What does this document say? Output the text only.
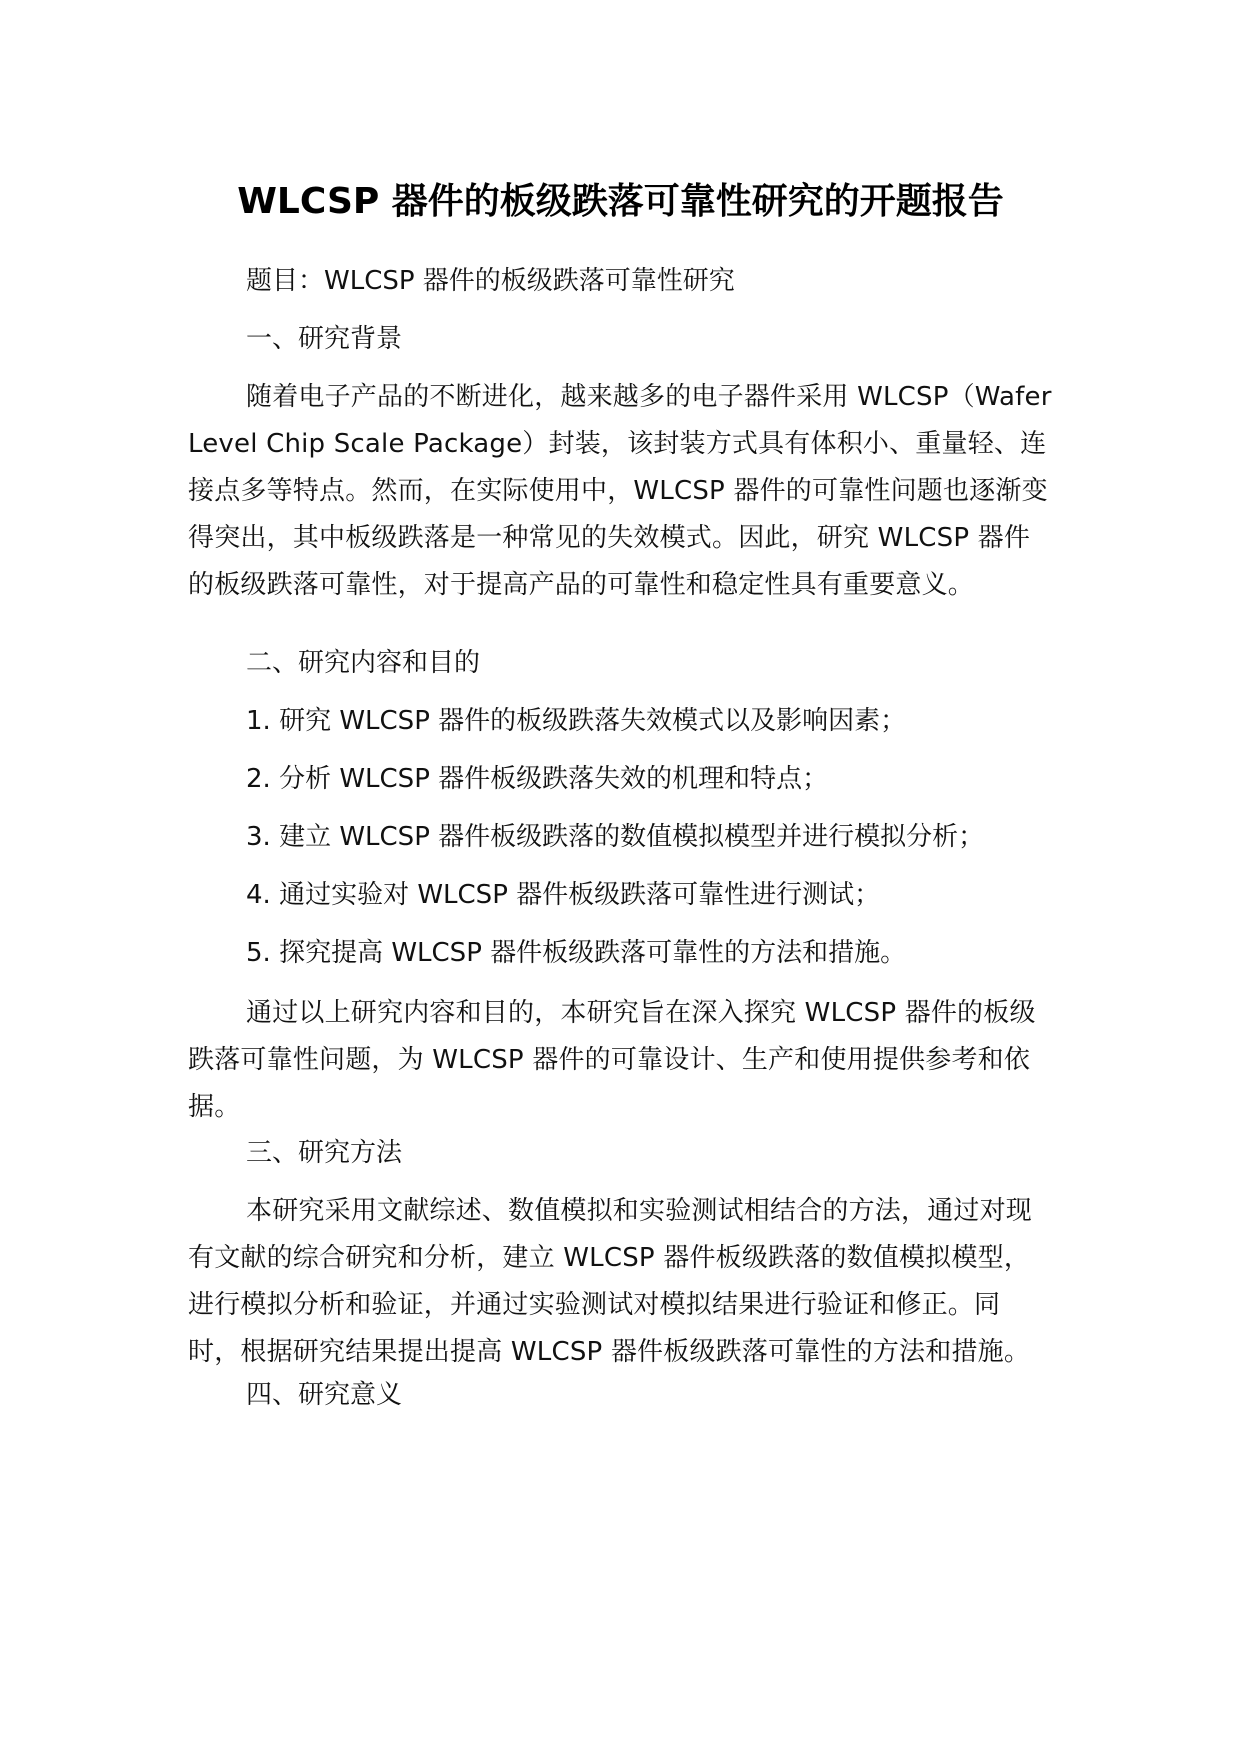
WLCSP 器件的板级跌落可靠性研究的开题报告

题目：WLCSP 器件的板级跌落可靠性研究

一、研究背景

随着电子产品的不断进化，越来越多的电子器件采用 WLCSP（Wafer Level Chip Scale Package）封装，该封装方式具有体积小、重量轻、连接点多等特点。然而，在实际使用中，WLCSP 器件的可靠性问题也逐渐变得突出，其中板级跌落是一种常见的失效模式。因此，研究 WLCSP 器件的板级跌落可靠性，对于提高产品的可靠性和稳定性具有重要意义。

二、研究内容和目的

1. 研究 WLCSP 器件的板级跌落失效模式以及影响因素；

2. 分析 WLCSP 器件板级跌落失效的机理和特点；

3. 建立 WLCSP 器件板级跌落的数值模拟模型并进行模拟分析；

4. 通过实验对 WLCSP 器件板级跌落可靠性进行测试；

5. 探究提高 WLCSP 器件板级跌落可靠性的方法和措施。

通过以上研究内容和目的，本研究旨在深入探究 WLCSP 器件的板级跌落可靠性问题，为 WLCSP 器件的可靠设计、生产和使用提供参考和依据。

三、研究方法

本研究采用文献综述、数值模拟和实验测试相结合的方法，通过对现有文献的综合研究和分析，建立 WLCSP 器件板级跌落的数值模拟模型，进行模拟分析和验证，并通过实验测试对模拟结果进行验证和修正。同时，根据研究结果提出提高 WLCSP 器件板级跌落可靠性的方法和措施。

四、研究意义
